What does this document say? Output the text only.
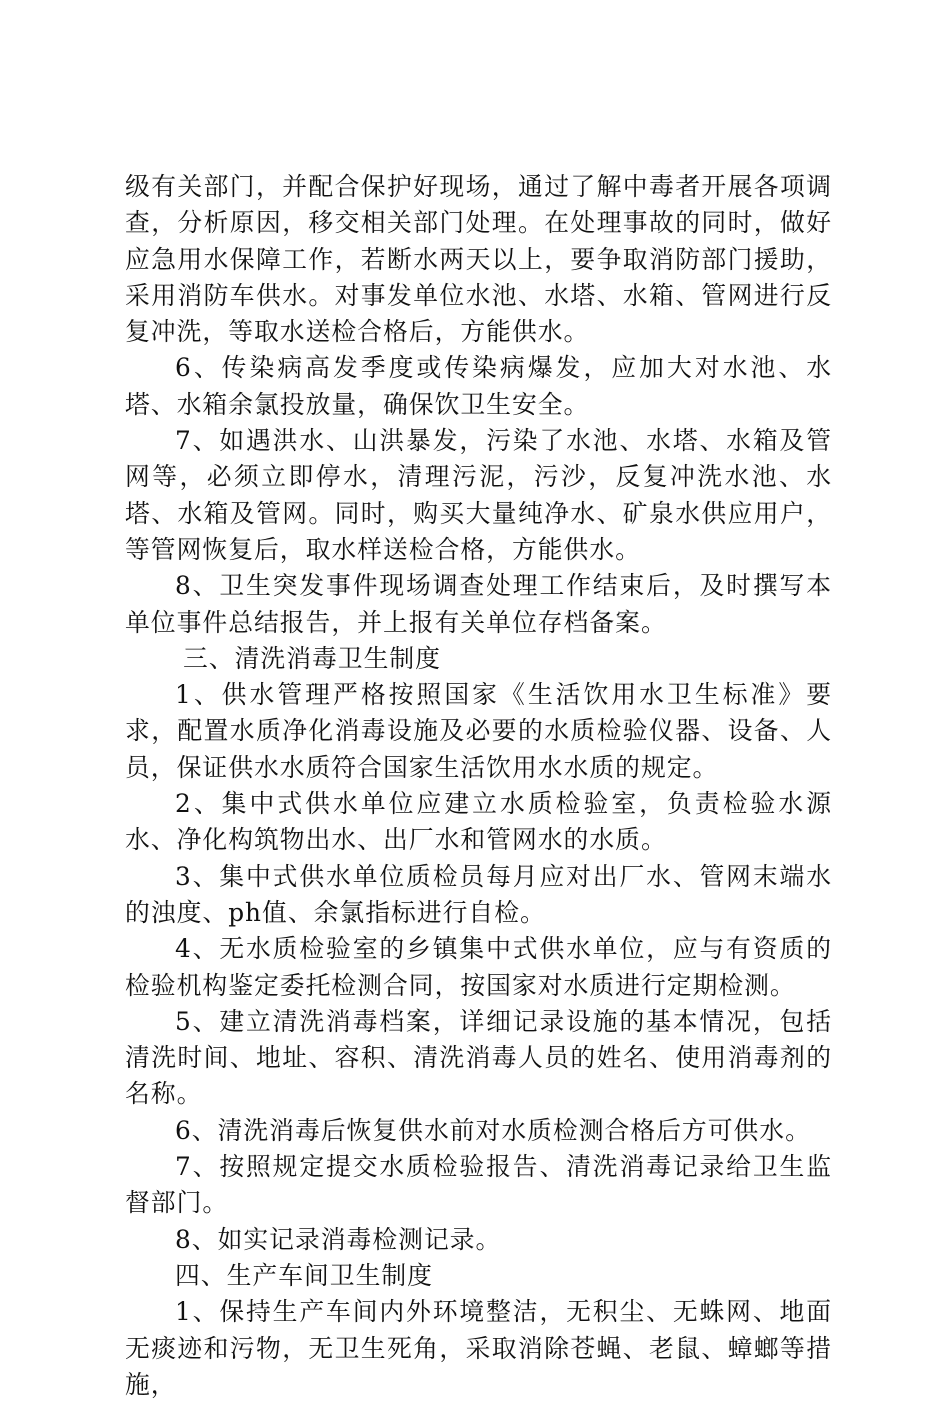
级有关部门，并配合保护好现场，通过了解中毒者开展各项调查，分析原因，移交相关部门处理。在处理事故的同时，做好应急用水保障工作，若断水两天以上，要争取消防部门援助，采用消防车供水。对事发单位水池、水塔、水箱、管网进行反复冲洗，等取水送检合格后，方能供水。

6、传染病高发季度或传染病爆发，应加大对水池、水塔、水箱余氯投放量，确保饮卫生安全。

7、如遇洪水、山洪暴发，污染了水池、水塔、水箱及管网等，必须立即停水，清理污泥，污沙，反复冲洗水池、水塔、水箱及管网。同时，购买大量纯净水、矿泉水供应用户，等管网恢复后，取水样送检合格，方能供水。

8、卫生突发事件现场调查处理工作结束后，及时撰写本单位事件总结报告，并上报有关单位存档备案。

三、清洗消毒卫生制度

1、供水管理严格按照国家《生活饮用水卫生标准》要求，配置水质净化消毒设施及必要的水质检验仪器、设备、人员，保证供水水质符合国家生活饮用水水质的规定。

2、集中式供水单位应建立水质检验室，负责检验水源水、净化构筑物出水、出厂水和管网水的水质。

3、集中式供水单位质检员每月应对出厂水、管网末端水的浊度、ph值、余氯指标进行自检。

4、无水质检验室的乡镇集中式供水单位，应与有资质的检验机构鉴定委托检测合同，按国家对水质进行定期检测。

5、建立清洗消毒档案，详细记录设施的基本情况，包括清洗时间、地址、容积、清洗消毒人员的姓名、使用消毒剂的名称。

6、清洗消毒后恢复供水前对水质检测合格后方可供水。

7、按照规定提交水质检验报告、清洗消毒记录给卫生监督部门。

8、如实记录消毒检测记录。

四、生产车间卫生制度

1、保持生产车间内外环境整洁，无积尘、无蛛网、地面无痰迹和污物，无卫生死角，采取消除苍蝇、老鼠、蟑螂等措施，
